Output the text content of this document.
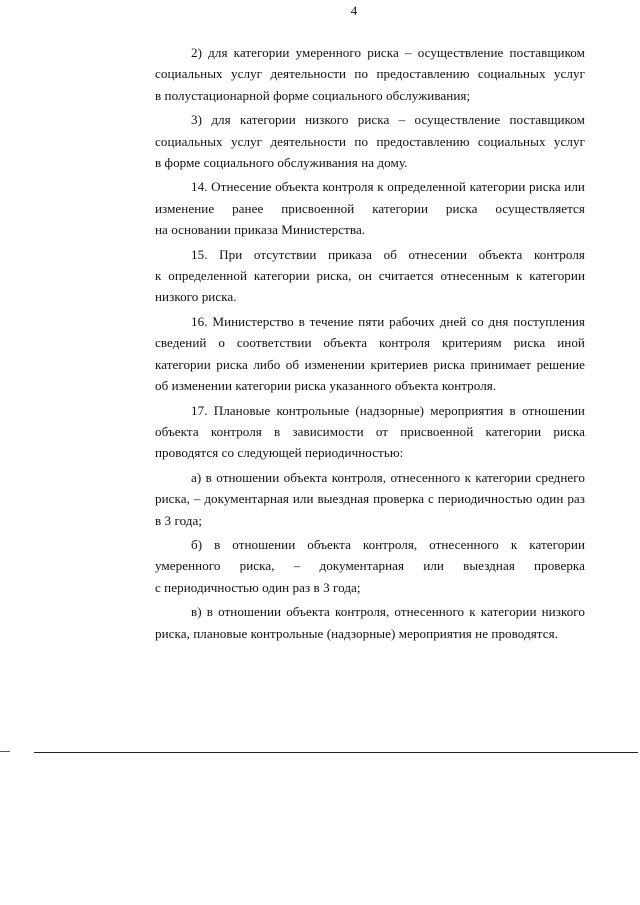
4
2) для категории умеренного риска – осуществление поставщиком
социальных услуг деятельности по предоставлению социальных услуг
в полустационарной форме социального обслуживания;
3) для категории низкого риска – осуществление поставщиком
социальных услуг деятельности по предоставлению социальных услуг
в форме социального обслуживания на дому.
14. Отнесение объекта контроля к определенной категории риска или
изменение ранее присвоенной категории риска осуществляется
на основании приказа Министерства.
15. При отсутствии приказа об отнесении объекта контроля
к определенной категории риска, он считается отнесенным к категории
низкого риска.
16. Министерство в течение пяти рабочих дней со дня поступления
сведений о соответствии объекта контроля критериям риска иной
категории риска либо об изменении критериев риска принимает решение
об изменении категории риска указанного объекта контроля.
17. Плановые контрольные (надзорные) мероприятия в отношении
объекта контроля в зависимости от присвоенной категории риска
проводятся со следующей периодичностью:
а) в отношении объекта контроля, отнесенного к категории среднего
риска, – документарная или выездная проверка с периодичностью один раз
в 3 года;
б) в отношении объекта контроля, отнесенного к категории
умеренного риска, – документарная или выездная проверка
с периодичностью один раз в 3 года;
в) в отношении объекта контроля, отнесенного к категории низкого
риска, плановые контрольные (надзорные) мероприятия не проводятся.
